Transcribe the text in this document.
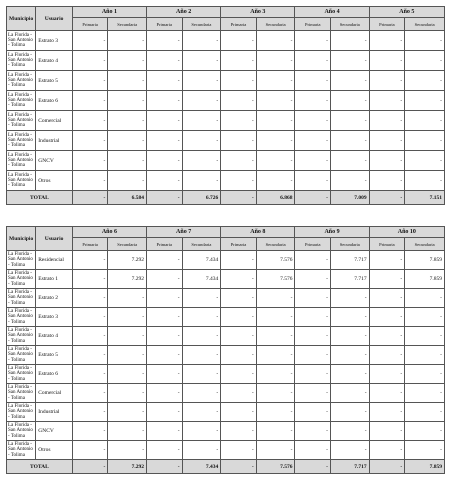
Municipio	Usuario	Año 1		Año 2		Año 3		Año 4		Año 5	
		Primaria	Secundaria	Primaria	Secundaria	Primaria	Secundaria	Primaria	Secundaria	Primaria	Secundaria
La Florida - San Antonio - Tolima	Estrato 3	-	-	-	-	-	-	-	-	-	-
La Florida - San Antonio - Tolima	Estrato 4	-	-	-	-	-	-	-	-	-	-
La Florida - San Antonio - Tolima	Estrato 5	-	-	-	-	-	-	-	-	-	-
La Florida - San Antonio - Tolima	Estrato 6	-	-	-	-	-	-	-	-	-	-
La Florida - San Antonio - Tolima	Comercial	-	-	-	-	-	-	-	-	-	-
La Florida - San Antonio - Tolima	Industrial	-	-	-	-	-	-	-	-	-	-
La Florida - San Antonio - Tolima	GNCV	-	-	-	-	-	-	-	-	-	-
La Florida - San Antonio - Tolima	Otros	-	-	-	-	-	-	-	-	-	-
TOTAL		-	6.584	-	6.726	-	6.868	-	7.009	-	7.151
Municipio	Usuario	Año 6		Año 7		Año 8		Año 9		Año 10	
		Primaria	Secundaria	Primaria	Secundaria	Primaria	Secundaria	Primaria	Secundaria	Primaria	Secundaria
La Florida - San Antonio - Tolima	Residencial	-	7.292	-	7.434	-	7.576	-	7.717	-	7.859
La Florida - San Antonio - Tolima	Estrato 1	-	7.292	-	7.434	-	7.576	-	7.717	-	7.859
La Florida - San Antonio - Tolima	Estrato 2	-	-	-	-	-	-	-	-	-	-
La Florida - San Antonio - Tolima	Estrato 3	-	-	-	-	-	-	-	-	-	-
La Florida - San Antonio - Tolima	Estrato 4	-	-	-	-	-	-	-	-	-	-
La Florida - San Antonio - Tolima	Estrato 5	-	-	-	-	-	-	-	-	-	-
La Florida - San Antonio - Tolima	Estrato 6	-	-	-	-	-	-	-	-	-	-
La Florida - San Antonio - Tolima	Comercial	-	-	-	-	-	-	-	-	-	-
La Florida - San Antonio - Tolima	Industrial	-	-	-	-	-	-	-	-	-	-
La Florida - San Antonio - Tolima	GNCV	-	-	-	-	-	-	-	-	-	-
La Florida - San Antonio - Tolima	Otros	-	-	-	-	-	-	-	-	-	-
TOTAL		-	7.292	-	7.434	-	7.576	-	7.717	-	7.859
